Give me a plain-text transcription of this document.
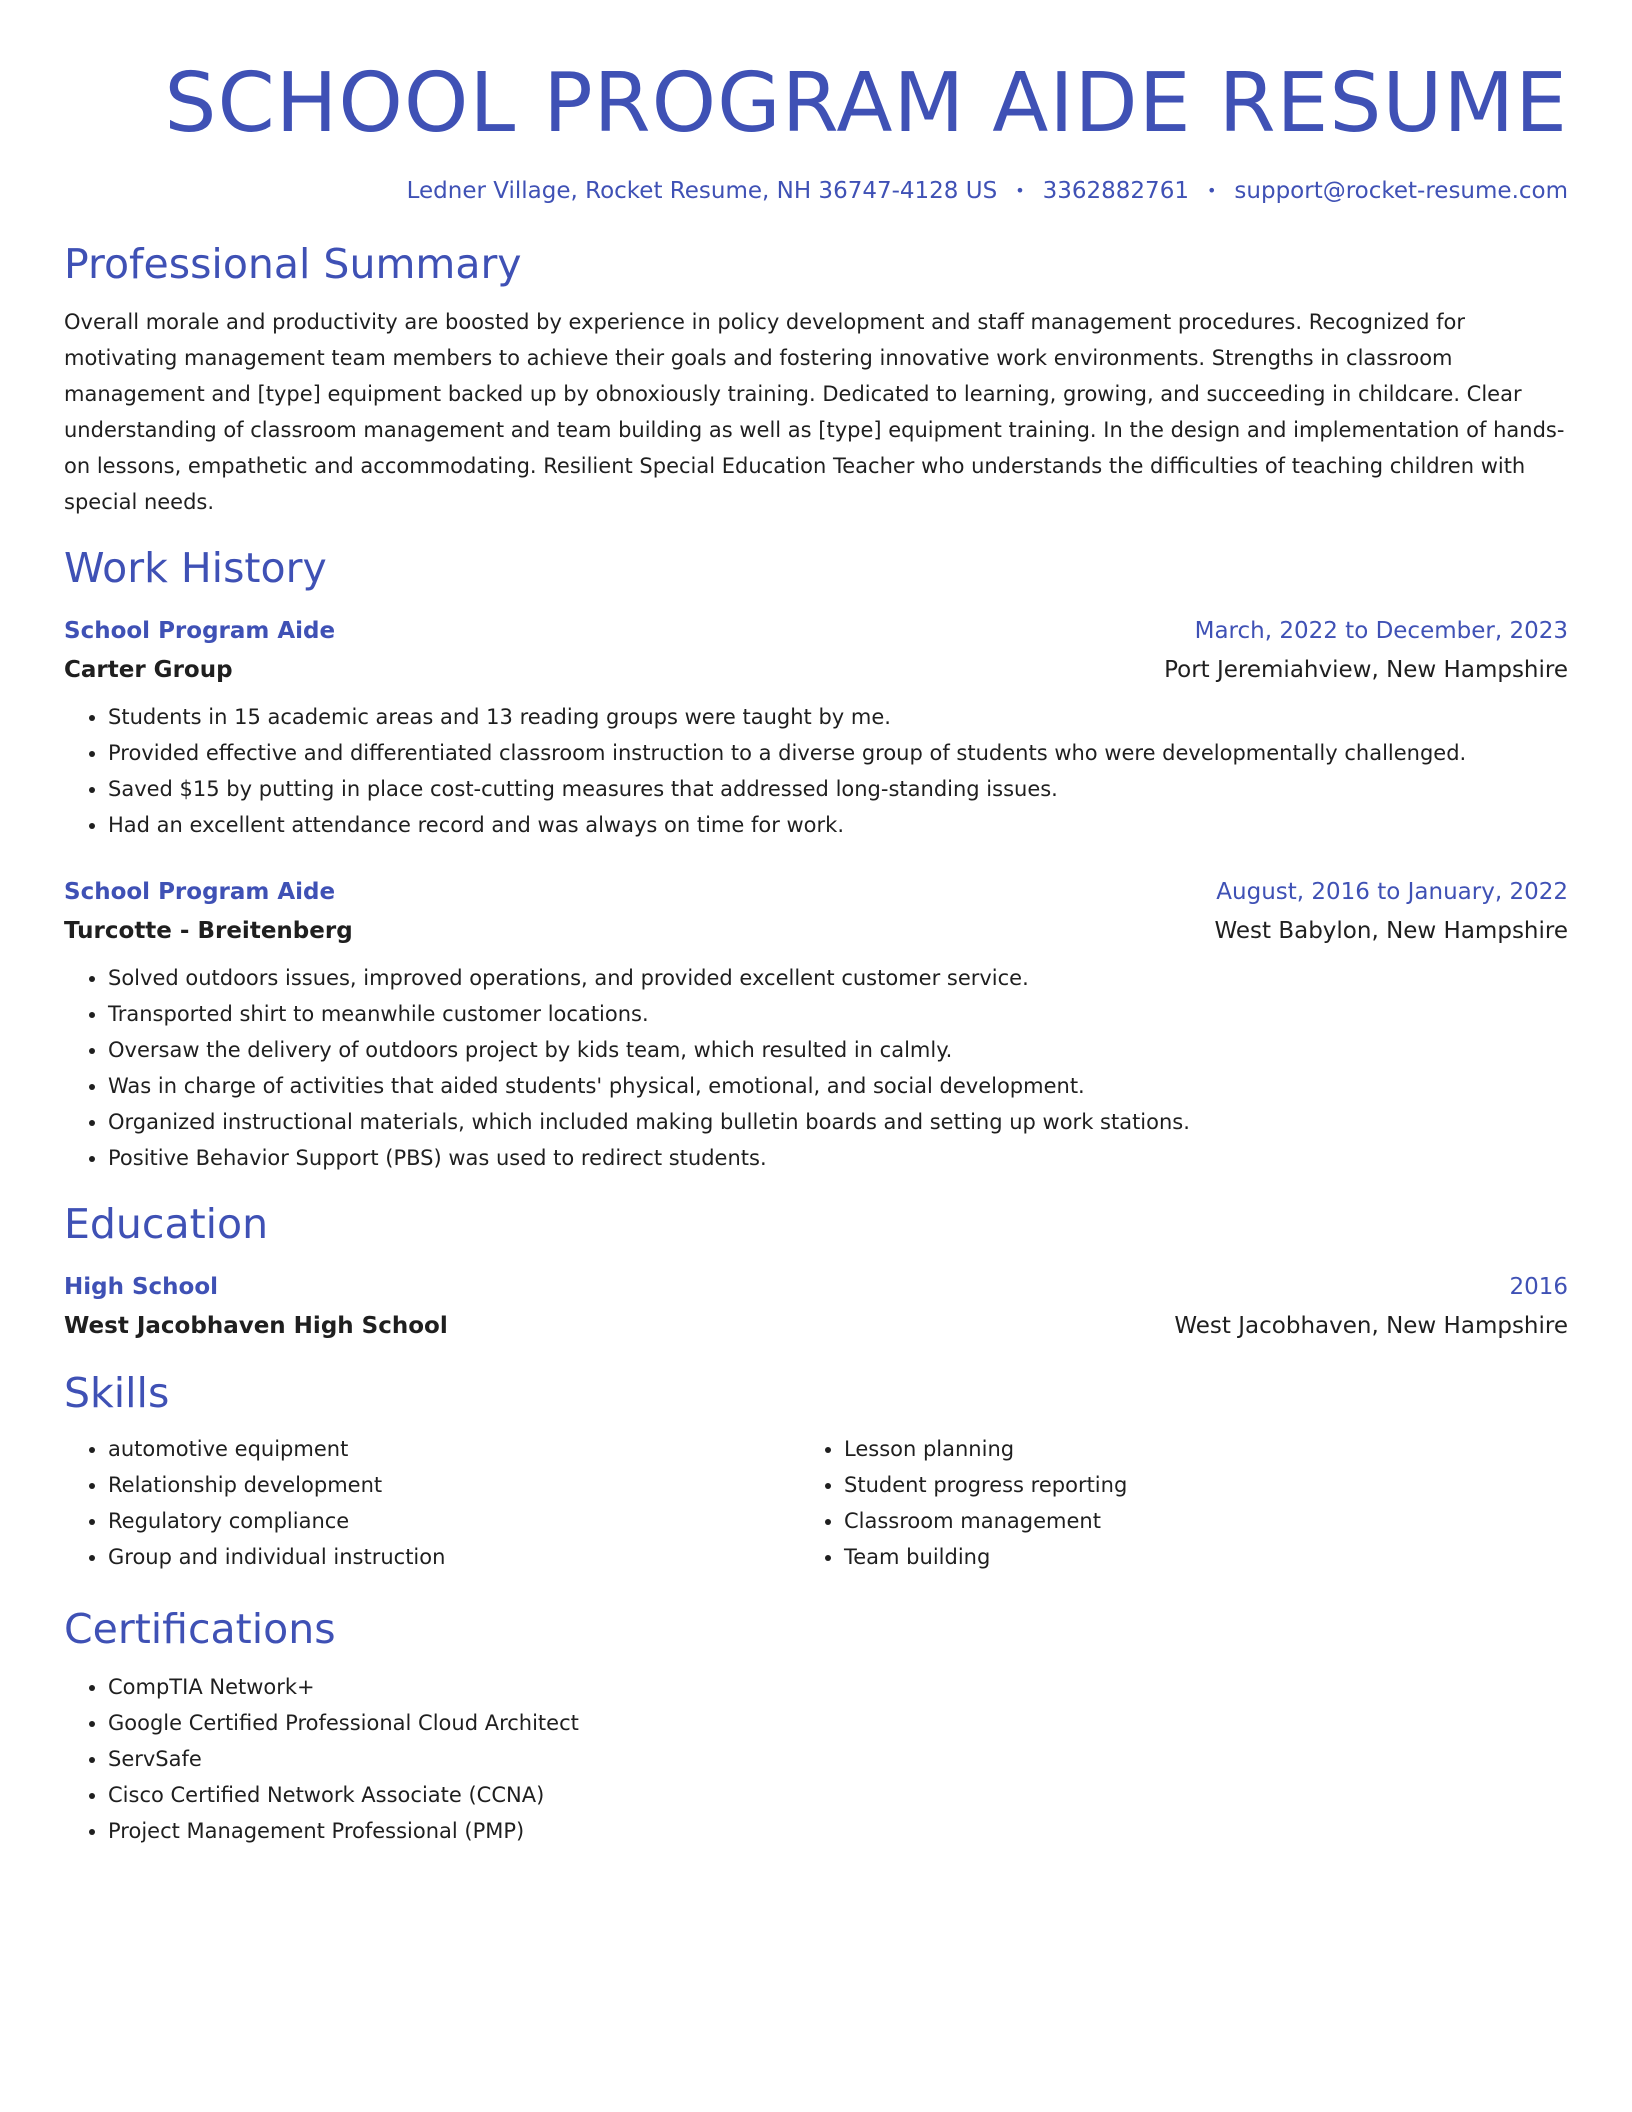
SCHOOL PROGRAM AIDE RESUME
Ledner Village, Rocket Resume, NH 36747-4128 US • 3362882761 • support@rocket-resume.com
Professional Summary
Overall morale and productivity are boosted by experience in policy development and staff management procedures. Recognized for motivating management team members to achieve their goals and fostering innovative work environments. Strengths in classroom management and [type] equipment backed up by obnoxiously training. Dedicated to learning, growing, and succeeding in childcare. Clear understanding of classroom management and team building as well as [type] equipment training. In the design and implementation of hands-on lessons, empathetic and accommodating. Resilient Special Education Teacher who understands the difficulties of teaching children with special needs.
Work History
School Program Aide	March, 2022 to December, 2023
Carter Group	Port Jeremiahview, New Hampshire
• Students in 15 academic areas and 13 reading groups were taught by me.
• Provided effective and differentiated classroom instruction to a diverse group of students who were developmentally challenged.
• Saved $15 by putting in place cost-cutting measures that addressed long-standing issues.
• Had an excellent attendance record and was always on time for work.
School Program Aide	August, 2016 to January, 2022
Turcotte - Breitenberg	West Babylon, New Hampshire
• Solved outdoors issues, improved operations, and provided excellent customer service.
• Transported shirt to meanwhile customer locations.
• Oversaw the delivery of outdoors project by kids team, which resulted in calmly.
• Was in charge of activities that aided students' physical, emotional, and social development.
• Organized instructional materials, which included making bulletin boards and setting up work stations.
• Positive Behavior Support (PBS) was used to redirect students.
Education
High School	2016
West Jacobhaven High School	West Jacobhaven, New Hampshire
Skills
• automotive equipment
• Relationship development
• Regulatory compliance
• Group and individual instruction
• Lesson planning
• Student progress reporting
• Classroom management
• Team building
Certifications
• CompTIA Network+
• Google Certified Professional Cloud Architect
• ServSafe
• Cisco Certified Network Associate (CCNA)
• Project Management Professional (PMP)
